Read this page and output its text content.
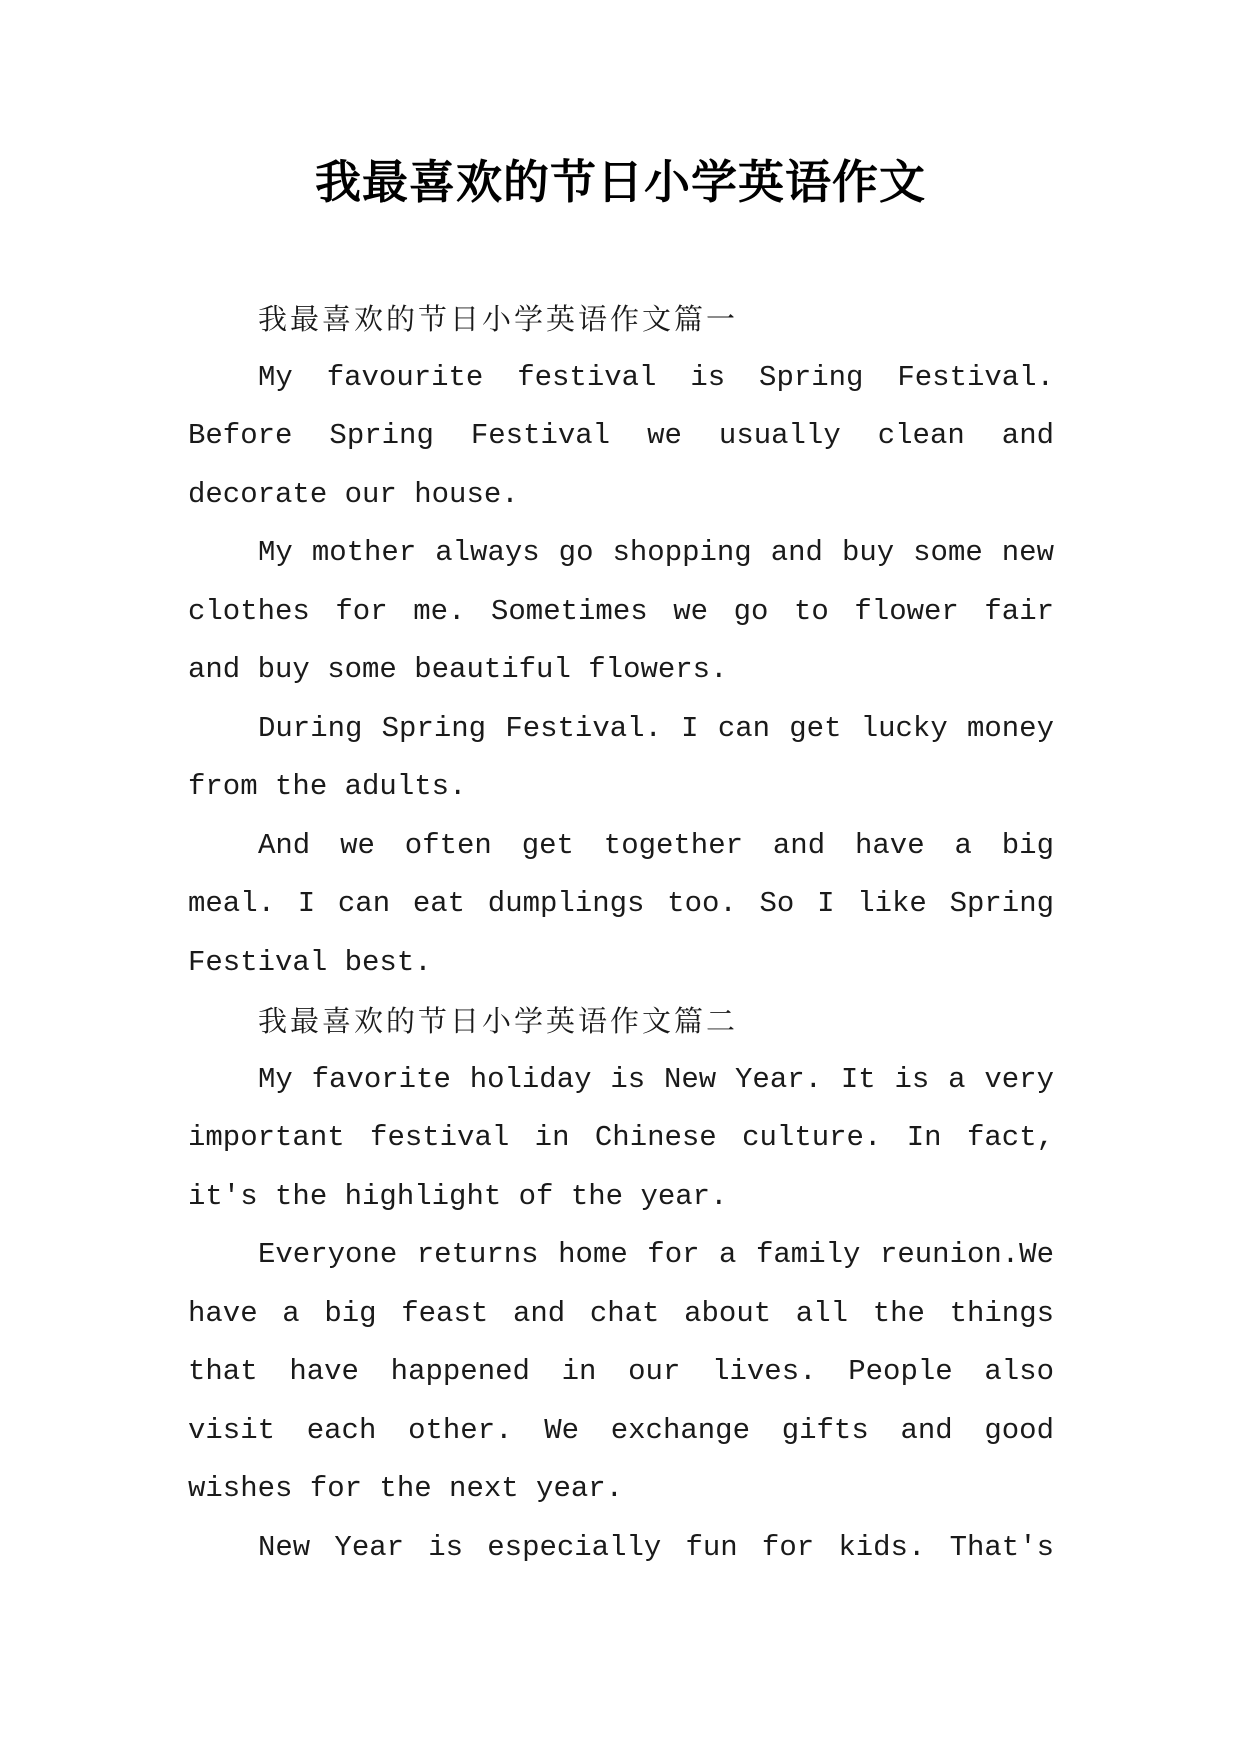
我最喜欢的节日小学英语作文

我最喜欢的节日小学英语作文篇一

My favourite festival is Spring Festival. Before Spring Festival we usually clean and decorate our house.

My mother always go shopping and buy some new clothes for me. Sometimes we go to flower fair and buy some beautiful flowers.

During Spring Festival. I can get lucky money from the adults.

And we often get together and have a big meal. I can eat dumplings too. So I like Spring Festival best.

我最喜欢的节日小学英语作文篇二

My favorite holiday is New Year. It is a very important festival in Chinese culture. In fact, it's the highlight of the year.

Everyone returns home for a family reunion.We have a big feast and chat about all the things that have happened in our lives. People also visit each other. We exchange gifts and good wishes for the next year.

New Year is especially fun for kids. That's
